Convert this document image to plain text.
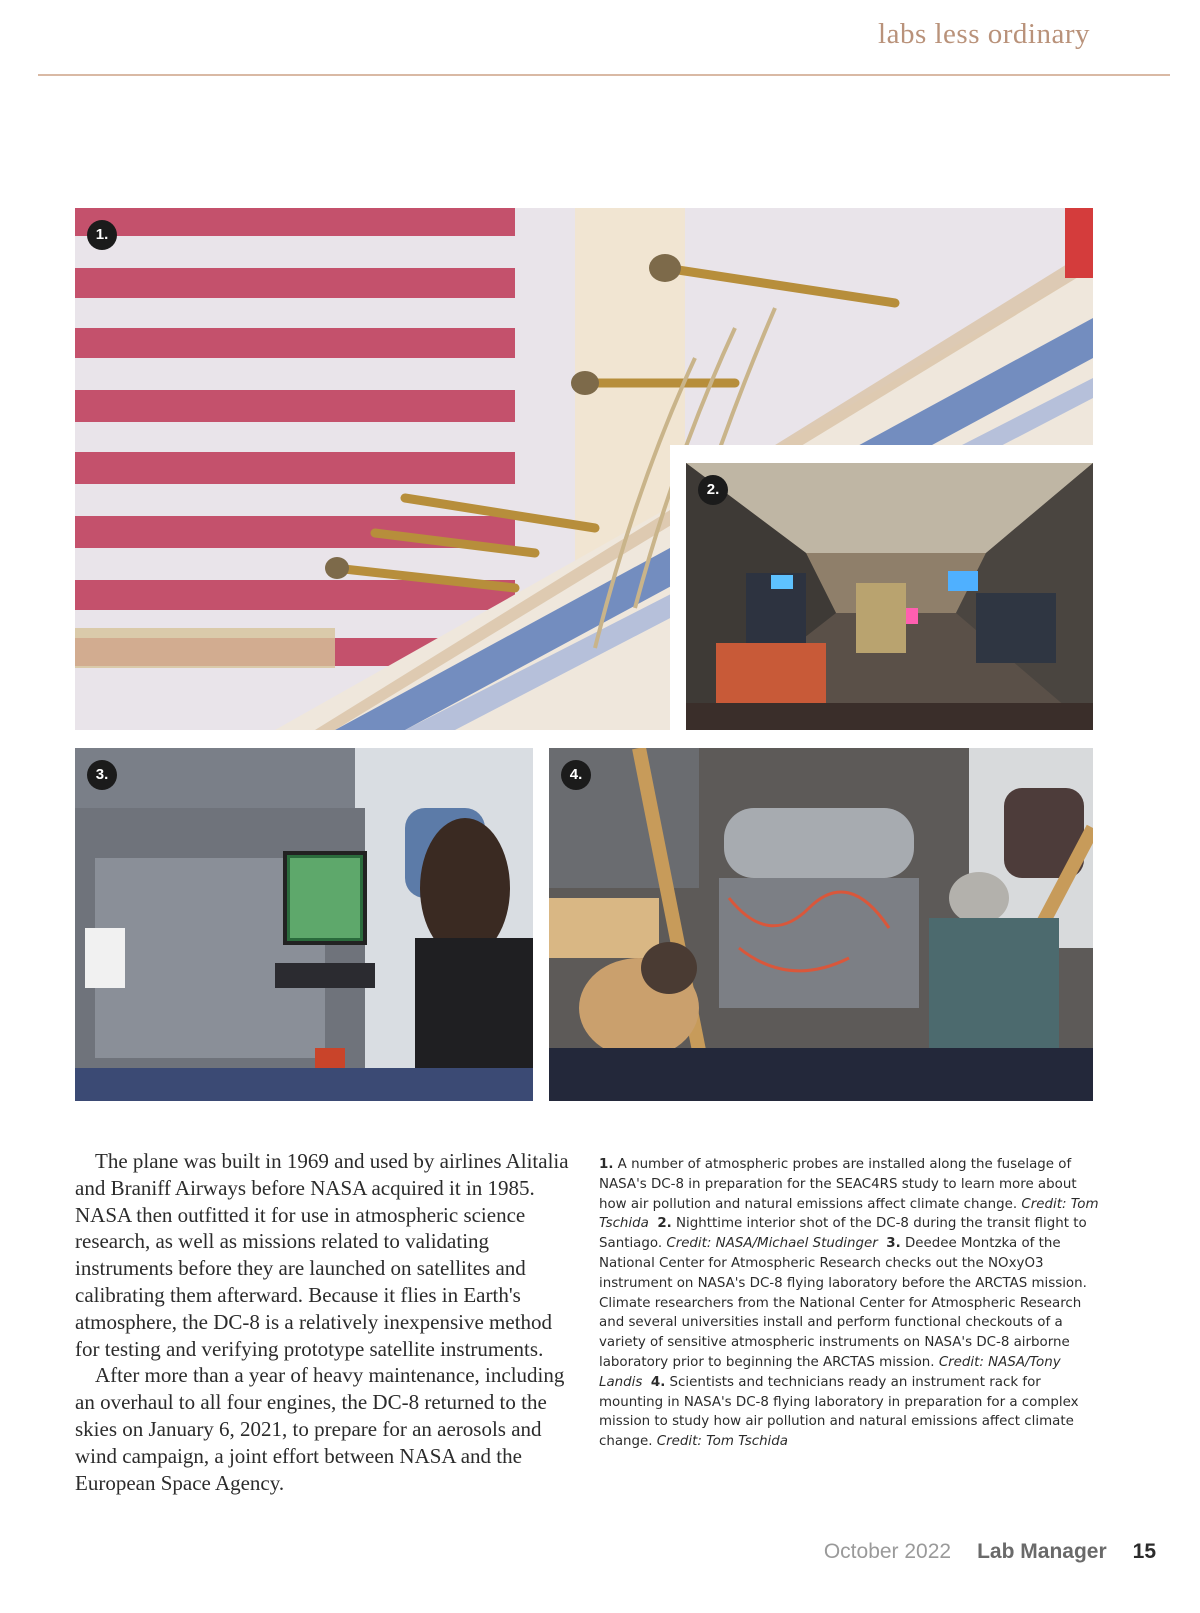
labs less ordinary
1.
2.
3.	4.

The plane was built in 1969 and used by airlines Alitalia and Braniff Airways before NASA acquired it in 1985. NASA then outfitted it for use in atmospheric science research, as well as missions related to validating instruments before they are launched on satellites and calibrating them afterward. Because it flies in Earth's atmosphere, the DC-8 is a relatively inexpensive method for testing and verifying prototype satellite instruments.

After more than a year of heavy maintenance, including an overhaul to all four engines, the DC-8 returned to the skies on January 6, 2021, to prepare for an aerosols and wind campaign, a joint effort between NASA and the European Space Agency.

1. A number of atmospheric probes are installed along the fuselage of NASA's DC-8 in preparation for the SEAC4RS study to learn more about how air pollution and natural emissions affect climate change. Credit: Tom Tschida 2. Nighttime interior shot of the DC-8 during the transit flight to Santiago. Credit: NASA/Michael Studinger 3. Deedee Montzka of the National Center for Atmospheric Research checks out the NOxyO3 instrument on NASA's DC-8 flying laboratory before the ARCTAS mission. Climate researchers from the National Center for Atmospheric Research and several universities install and perform functional checkouts of a variety of sensitive atmospheric instruments on NASA's DC-8 airborne laboratory prior to beginning the ARCTAS mission. Credit: NASA/Tony Landis 4. Scientists and technicians ready an instrument rack for mounting in NASA's DC-8 flying laboratory in preparation for a complex mission to study how air pollution and natural emissions affect climate change. Credit: Tom Tschida
October 2022 Lab Manager 15
